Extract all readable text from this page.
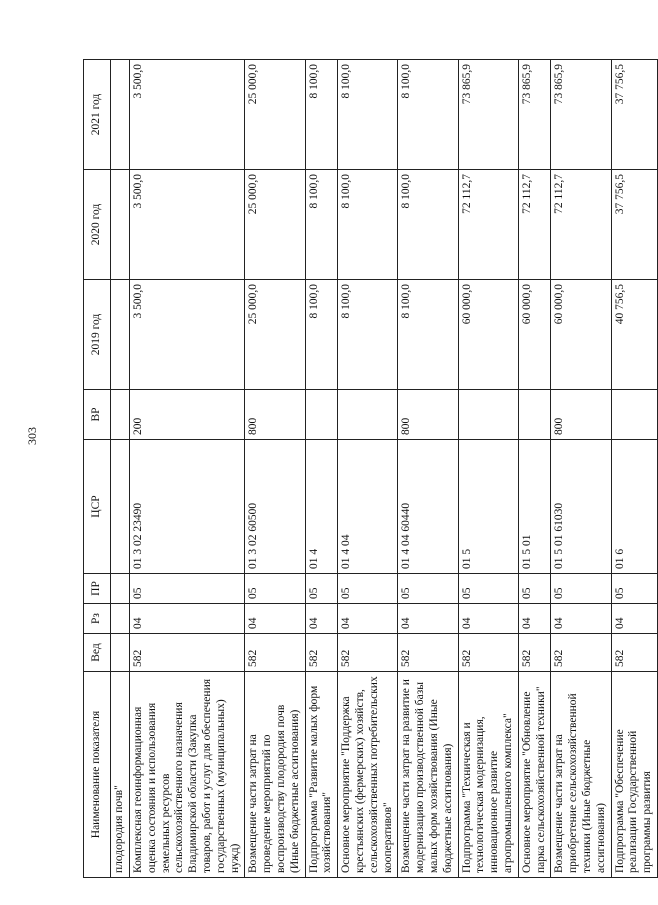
303
Наименование показателя	Вед	Рз	ПР	ЦСР	ВР	2019 год	2020 год	2021 год
плодородия почв"								
Комплексная геоинформационная оценка состояния и использования земельных ресурсов сельскохозяйственного назначения Владимирской области (Закупка товаров, работ и услуг для обеспечения государственных (муниципальных) нужд)	582	04	05	01 3 02 23490	200	3 500,0	3 500,0	3 500,0
Возмещение части затрат на проведение мероприятий по воспроизводству плодородия почв (Иные бюджетные ассигнования)	582	04	05	01 3 02 60500	800	25 000,0	25 000,0	25 000,0
Подпрограмма "Развитие малых форм хозяйствования"	582	04	05	01 4		8 100,0	8 100,0	8 100,0
Основное мероприятие "Поддержка крестьянских (фермерских) хозяйств, сельскохозяйственных потребительских кооперативов"	582	04	05	01 4 04		8 100,0	8 100,0	8 100,0
Возмещение части затрат на развитие и модернизацию производственной базы малых форм хозяйствования (Иные бюджетные ассигнования)	582	04	05	01 4 04 60440	800	8 100,0	8 100,0	8 100,0
Подпрограмма "Техническая и технологическая модернизация, инновационное развитие агропромышленного комплекса"	582	04	05	01 5		60 000,0	72 112,7	73 865,9
Основное мероприятие "Обновление парка сельскохозяйственной техники"	582	04	05	01 5 01		60 000,0	72 112,7	73 865,9
Возмещение части затрат на приобретение сельскохозяйственной техники (Иные бюджетные ассигнования)	582	04	05	01 5 01 61030	800	60 000,0	72 112,7	73 865,9
Подпрограмма "Обеспечение реализации Государственной программы развития	582	04	05	01 6		40 756,5	37 756,5	37 756,5
